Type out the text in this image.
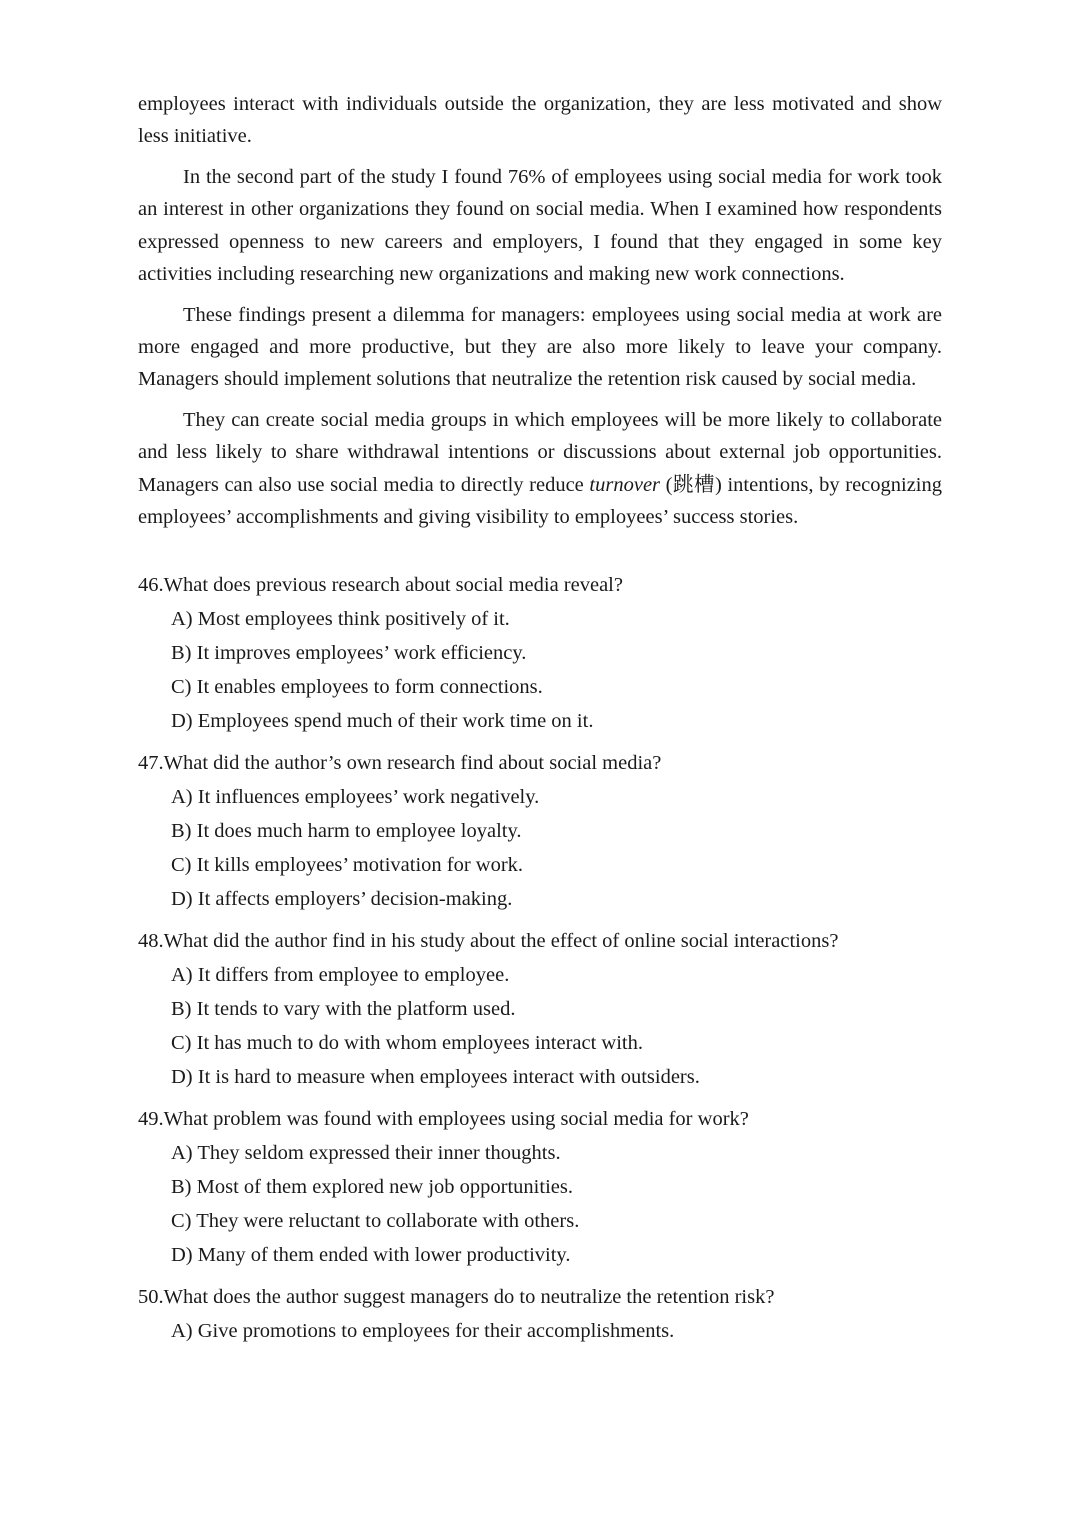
employees interact with individuals outside the organization, they are less motivated and show less initiative.

In the second part of the study I found 76% of employees using social media for work took an interest in other organizations they found on social media. When I examined how respondents expressed openness to new careers and employers, I found that they engaged in some key activities including researching new organizations and making new work connections.

These findings present a dilemma for managers: employees using social media at work are more engaged and more productive, but they are also more likely to leave your company. Managers should implement solutions that neutralize the retention risk caused by social media.

They can create social media groups in which employees will be more likely to collaborate and less likely to share withdrawal intentions or discussions about external job opportunities. Managers can also use social media to directly reduce turnover (跳槽) intentions, by recognizing employees’ accomplishments and giving visibility to employees’ success stories.

46.What does previous research about social media reveal?
A) Most employees think positively of it.
B) It improves employees’ work efficiency.
C) It enables employees to form connections.
D) Employees spend much of their work time on it.
47.What did the author’s own research find about social media?
A) It influences employees’ work negatively.
B) It does much harm to employee loyalty.
C) It kills employees’ motivation for work.
D) It affects employers’ decision-making.
48.What did the author find in his study about the effect of online social interactions?
A) It differs from employee to employee.
B) It tends to vary with the platform used.
C) It has much to do with whom employees interact with.
D) It is hard to measure when employees interact with outsiders.
49.What problem was found with employees using social media for work?
A) They seldom expressed their inner thoughts.
B) Most of them explored new job opportunities.
C) They were reluctant to collaborate with others.
D) Many of them ended with lower productivity.
50.What does the author suggest managers do to neutralize the retention risk?
A) Give promotions to employees for their accomplishments.
